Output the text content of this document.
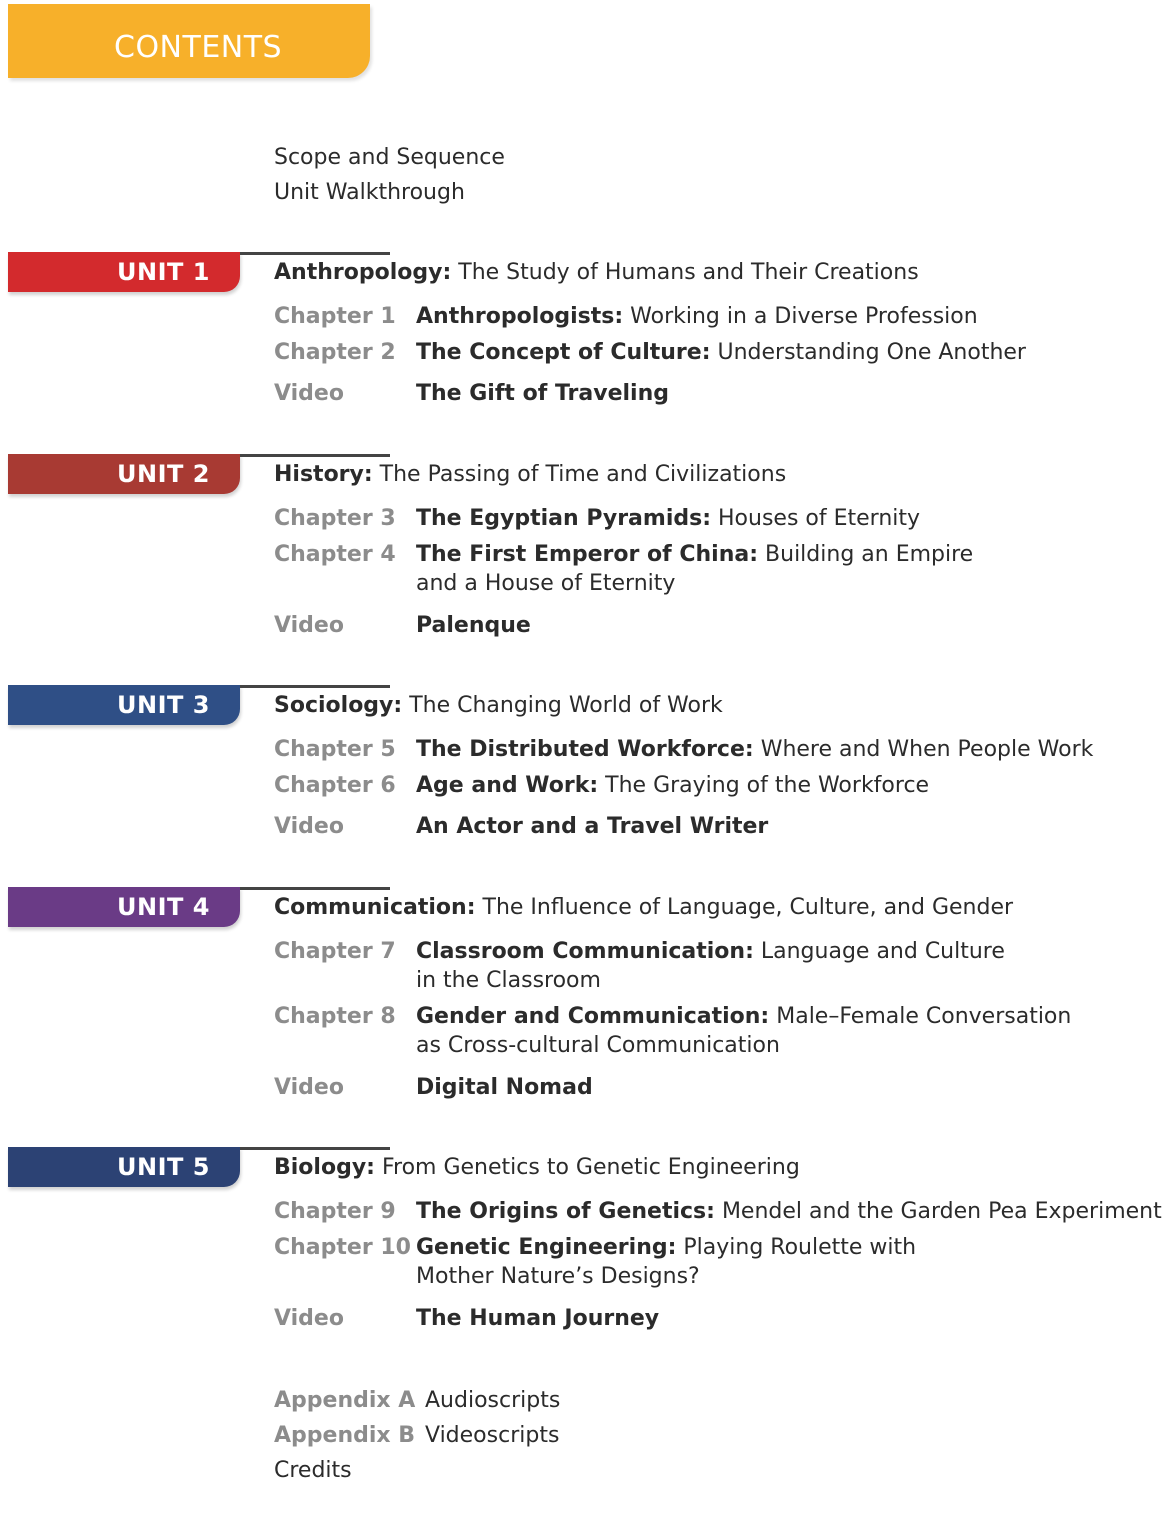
CONTENTS
Scope and Sequence
Unit Walkthrough
UNIT 1	Anthropology: The Study of Humans and Their Creations
Chapter 1 Anthropologists: Working in a Diverse Profession
Chapter 2 The Concept of Culture: Understanding One Another
Video	The Gift of Traveling
UNIT 2	History: The Passing of Time and Civilizations
Chapter 3 The Egyptian Pyramids: Houses of Eternity
Chapter 4 The First Emperor of China: Building an Empire and a House of Eternity
Video	Palenque
UNIT 3	Sociology: The Changing World of Work
Chapter 5 The Distributed Workforce: Where and When People Work
Chapter 6 Age and Work: The Graying of the Workforce
Video	An Actor and a Travel Writer
UNIT 4	Communication: The Influence of Language, Culture, and Gender
Chapter 7 Classroom Communication: Language and Culture in the Classroom
Chapter 8 Gender and Communication: Male–Female Conversation as Cross-cultural Communication
Video	Digital Nomad
UNIT 5	Biology: From Genetics to Genetic Engineering
Chapter 9 The Origins of Genetics: Mendel and the Garden Pea Experiment
Chapter 10 Genetic Engineering: Playing Roulette with Mother Nature’s Designs?
Video	The Human Journey
Appendix A Audioscripts
Appendix B Videoscripts
Credits
